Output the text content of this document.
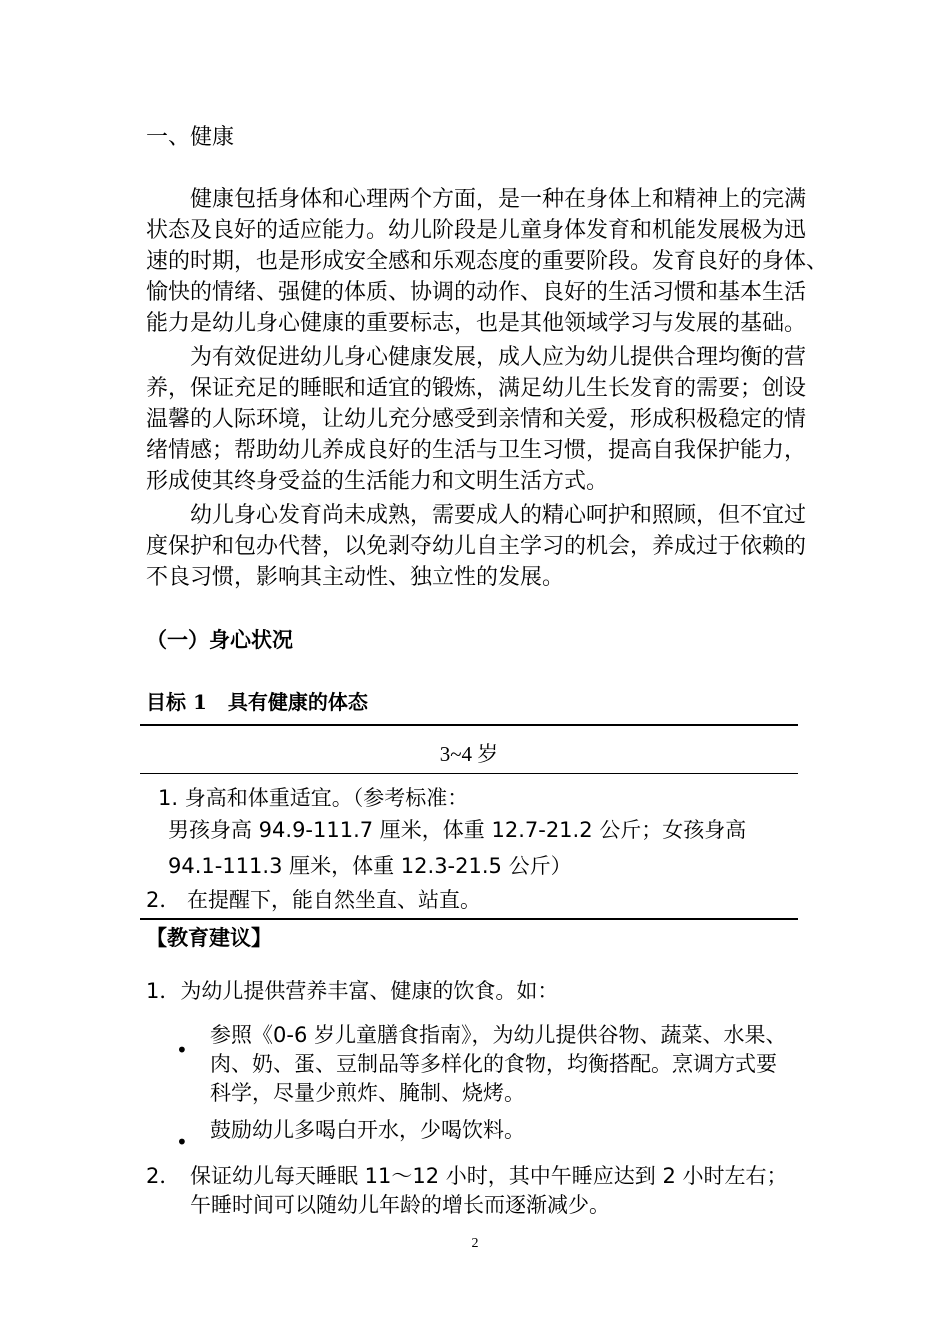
一、健康
健康包括身体和心理两个方面，是一种在身体上和精神上的完满
状态及良好的适应能力。幼儿阶段是儿童身体发育和机能发展极为迅
速的时期，也是形成安全感和乐观态度的重要阶段。发育良好的身体、
愉快的情绪、强健的体质、协调的动作、良好的生活习惯和基本生活
能力是幼儿身心健康的重要标志，也是其他领域学习与发展的基础。
为有效促进幼儿身心健康发展，成人应为幼儿提供合理均衡的营
养，保证充足的睡眠和适宜的锻炼，满足幼儿生长发育的需要；创设
温馨的人际环境，让幼儿充分感受到亲情和关爱，形成积极稳定的情
绪情感；帮助幼儿养成良好的生活与卫生习惯，提高自我保护能力，
形成使其终身受益的生活能力和文明生活方式。
幼儿身心发育尚未成熟，需要成人的精心呵护和照顾，但不宜过
度保护和包办代替，以免剥夺幼儿自主学习的机会，养成过于依赖的
不良习惯，影响其主动性、独立性的发展。
（一）身心状况
目标 1 具有健康的体态
3~4 岁
1. 身高和体重适宜。（参考标准：
男孩身高 94.9-111.7 厘米，体重 12.7-21.2 公斤；女孩身高
94.1-111.3 厘米，体重 12.3-21.5 公斤）
2． 在提醒下，能自然坐直、站直。
【教育建议】
1．为幼儿提供营养丰富、健康的饮食。如：
•
参照《0-6 岁儿童膳食指南》，为幼儿提供谷物、蔬菜、水果、
肉、奶、蛋、豆制品等多样化的食物，均衡搭配。烹调方式要
科学，尽量少煎炸、腌制、烧烤。
• 鼓励幼儿多喝白开水，少喝饮料。
2． 保证幼儿每天睡眠 11～12 小时，其中午睡应达到 2 小时左右；
午睡时间可以随幼儿年龄的增长而逐渐减少。
2
